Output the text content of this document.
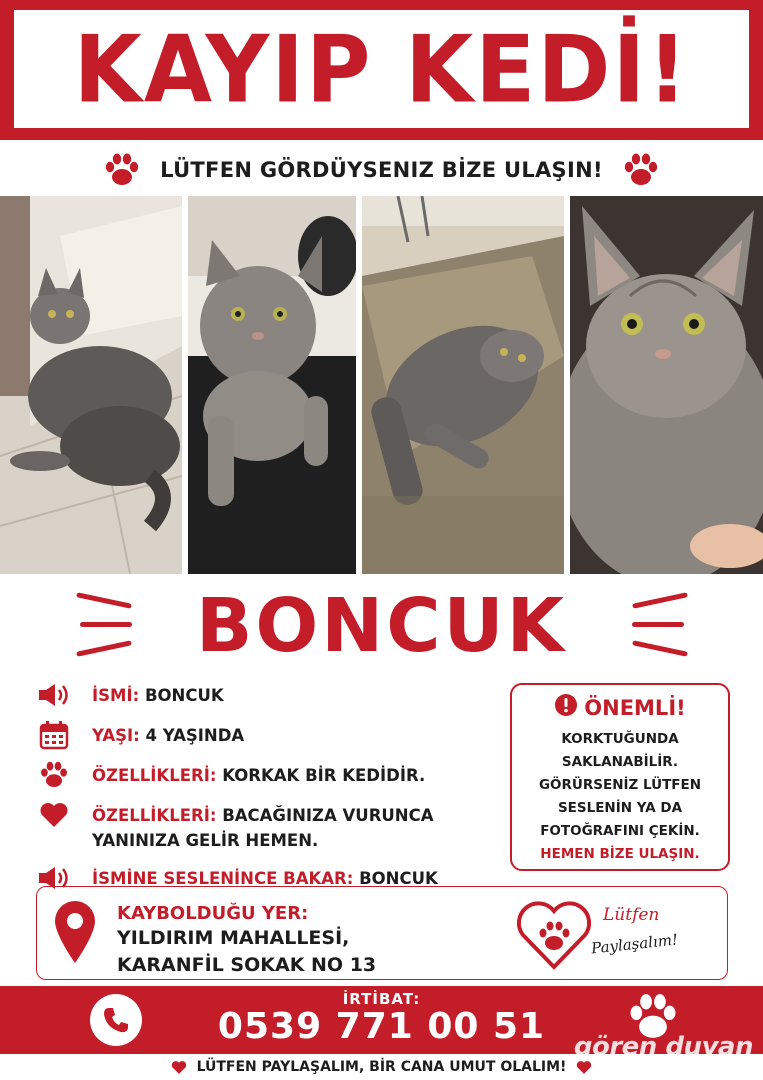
KAYIP KEDİ!
LÜTFEN GÖRDÜYSENIZ BİZE ULAŞIN!
BONCUK
İSMİ: BONCUK
YAŞI: 4 YAŞINDA
ÖZELLİKLERİ: KORKAK BİR KEDİDİR.
ÖZELLİKLERİ: BACAĞINIZA VURUNCA YANINIZA GELİR HEMEN.
İSMİNE SESLENİNCE BAKAR: BONCUK
ÖNEMLİ!
KORKTUĞUNDA
SAKLANABİLİR.
GÖRÜRSENİZ LÜTFEN
SESLENİN YA DA
FOTOĞRAFINI ÇEKİN.
HEMEN BİZE ULAŞIN.
KAYBOLDUĞU YER:
YILDIRIM MAHALLESİ,
KARANFİL SOKAK NO 13
Lütfen
Paylaşalım!
İRTİBAT:
0539 771 00 51
LÜTFEN PAYLAŞALIM, BİR CANA UMUT OLALIM!
gören duyan
